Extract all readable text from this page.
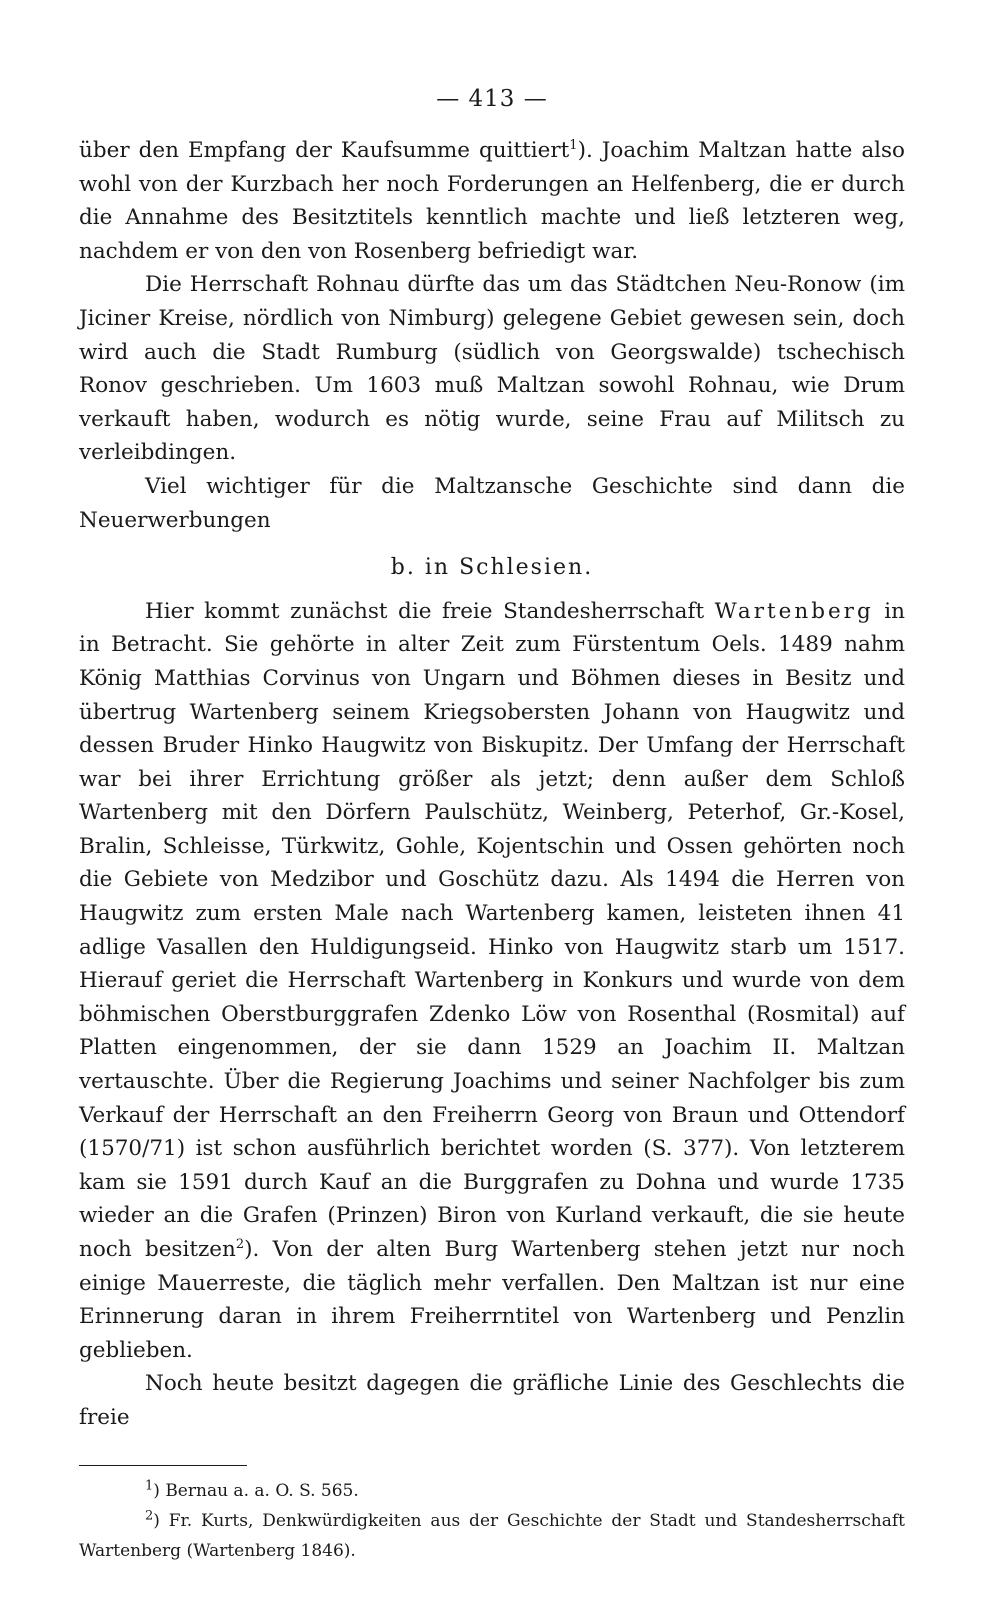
— 413 —

über den Empfang der Kaufsumme quittiert$^1$). Joachim Maltzan hatte also wohl von der Kurzbach her noch Forderungen an Helfenberg, die er durch die Annahme des Besitztitels kenntlich machte und ließ letzteren weg, nachdem er von den von Rosenberg befriedigt war.

Die Herrschaft Rohnau dürfte das um das Städtchen Neu-Ronow (im Jiciner Kreise, nördlich von Nimburg) gelegene Gebiet gewesen sein, doch wird auch die Stadt Rumburg (südlich von Georgswalde) tschechisch Ronov geschrieben. Um 1603 muß Maltzan sowohl Rohnau, wie Drum verkauft haben, wodurch es nötig wurde, seine Frau auf Militsch zu verleibdingen.

Viel wichtiger für die Maltzansche Geschichte sind dann die Neuerwerbungen

b. in Schlesien.

Hier kommt zunächst die freie Standesherrschaft Wartenberg in in Betracht. Sie gehörte in alter Zeit zum Fürstentum Oels. 1489 nahm König Matthias Corvinus von Ungarn und Böhmen dieses in Besitz und übertrug Wartenberg seinem Kriegsobersten Johann von Haugwitz und dessen Bruder Hinko Haugwitz von Biskupitz. Der Umfang der Herrschaft war bei ihrer Errichtung größer als jetzt; denn außer dem Schloß Wartenberg mit den Dörfern Paulschütz, Weinberg, Peterhof, Gr.-Kosel, Bralin, Schleisse, Türkwitz, Gohle, Kojentschin und Ossen gehörten noch die Gebiete von Medzibor und Goschütz dazu. Als 1494 die Herren von Haugwitz zum ersten Male nach Wartenberg kamen, leisteten ihnen 41 adlige Vasallen den Huldigungseid. Hinko von Haugwitz starb um 1517. Hierauf geriet die Herrschaft Wartenberg in Konkurs und wurde von dem böhmischen Oberstburggrafen Zdenko Löw von Rosenthal (Rosmital) auf Platten eingenommen, der sie dann 1529 an Joachim II. Maltzan vertauschte. Über die Regierung Joachims und seiner Nachfolger bis zum Verkauf der Herrschaft an den Freiherrn Georg von Braun und Ottendorf (1570/71) ist schon ausführlich berichtet worden (S. 377). Von letzterem kam sie 1591 durch Kauf an die Burggrafen zu Dohna und wurde 1735 wieder an die Grafen (Prinzen) Biron von Kurland verkauft, die sie heute noch besitzen$^2$). Von der alten Burg Wartenberg stehen jetzt nur noch einige Mauerreste, die täglich mehr verfallen. Den Maltzan ist nur eine Erinnerung daran in ihrem Freiherrntitel von Wartenberg und Penzlin geblieben.

Noch heute besitzt dagegen die gräfliche Linie des Geschlechts die freie

$^1$) Bernau a. a. O. S. 565.

$^2$) Fr. Kurts, Denkwürdigkeiten aus der Geschichte der Stadt und Standesherrschaft Wartenberg (Wartenberg 1846).
